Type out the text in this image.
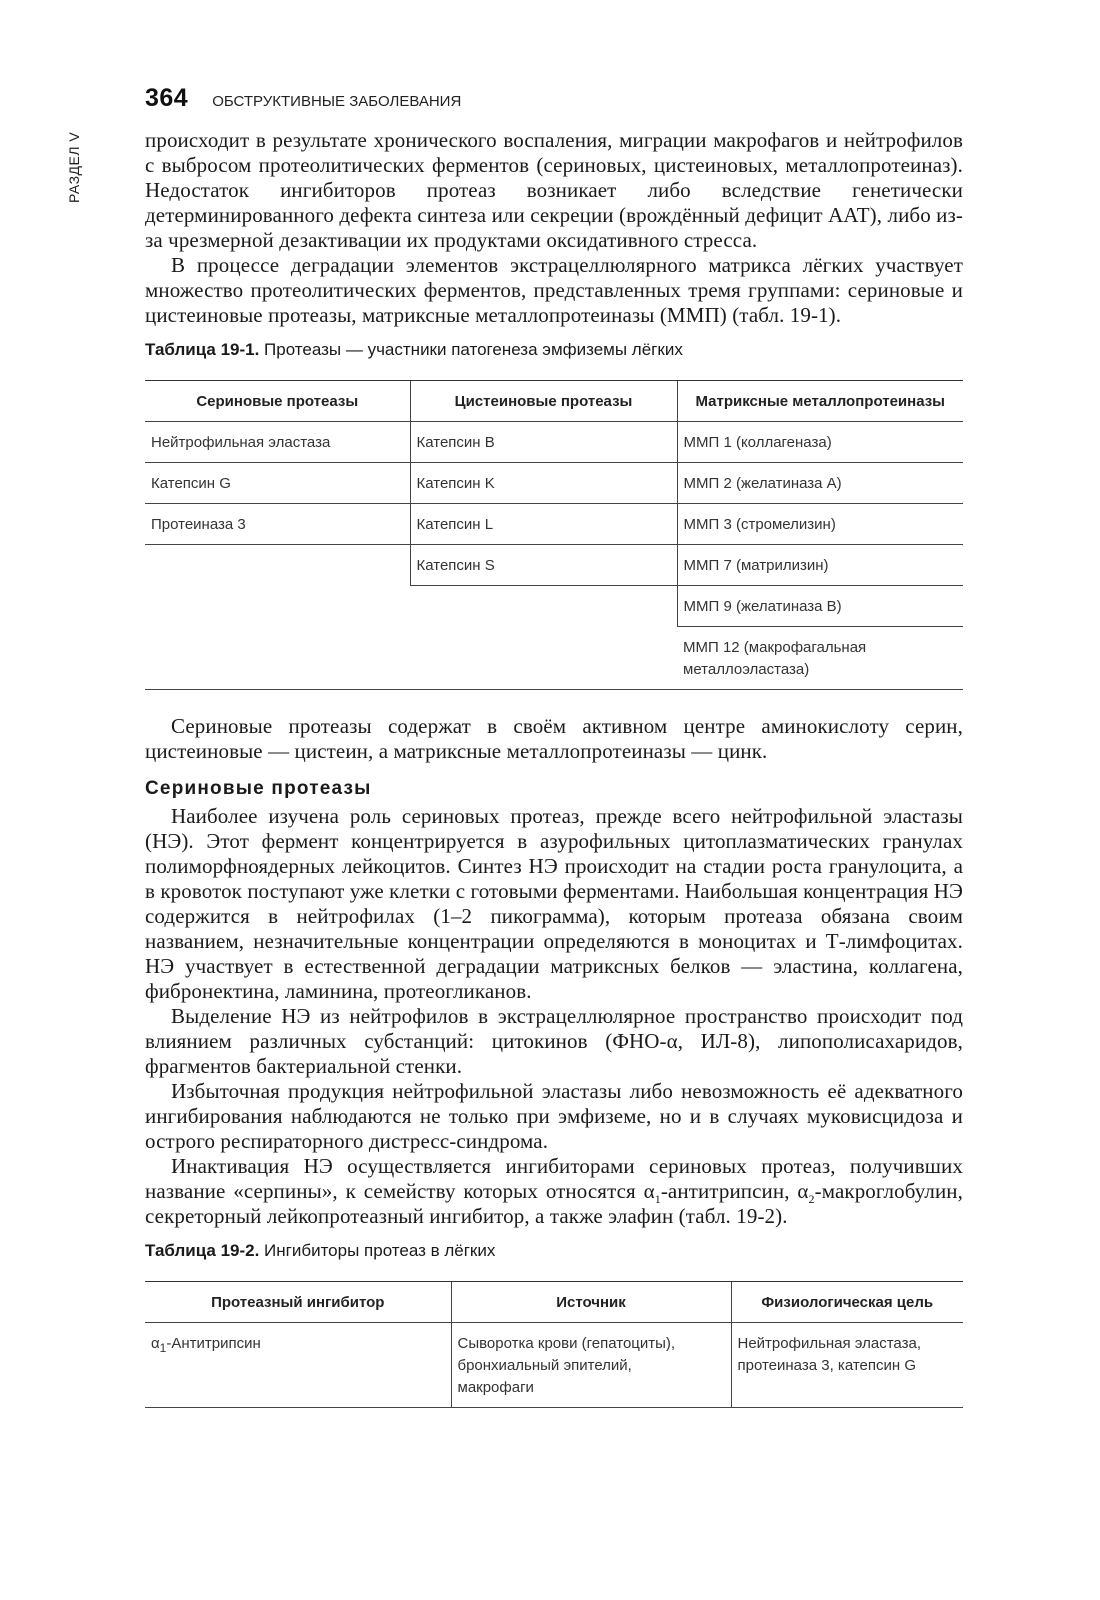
РАЗДЕЛ V
364 ОБСТРУКТИВНЫЕ ЗАБОЛЕВАНИЯ

происходит в результате хронического воспаления, миграции макрофагов и нейтрофилов с выбросом протеолитических ферментов (сериновых, цистеиновых, металлопротеиназ). Недостаток ингибиторов протеаз возникает либо вследствие генетически детерминированного дефекта синтеза или секреции (врождённый дефицит ААТ), либо из-за чрезмерной дезактивации их продуктами оксидативного стресса.

В процессе деградации элементов экстрацеллюлярного матрикса лёгких участвует множество протеолитических ферментов, представленных тремя группами: сериновые и цистеиновые протеазы, матриксные металлопротеиназы (ММП) (табл. 19-1).

Таблица 19-1. Протеазы — участники патогенеза эмфиземы лёгких
Сериновые протеазы	Цистеиновые протеазы	Матриксные металлопротеиназы
Нейтрофильная эластаза	Катепсин B	ММП 1 (коллагеназа)
Катепсин G	Катепсин K	ММП 2 (желатиназа А)
Протеиназа 3	Катепсин L	ММП 3 (стромелизин)
	Катепсин S	ММП 7 (матрилизин)
		ММП 9 (желатиназа В)
		ММП 12 (макрофагальная металлоэластаза)

Сериновые протеазы содержат в своём активном центре аминокислоту серин, цистеиновые — цистеин, а матриксные металлопротеиназы — цинк.

Сериновые протеазы

Наиболее изучена роль сериновых протеаз, прежде всего нейтрофильной эластазы (НЭ). Этот фермент концентрируется в азурофильных цитоплазматических гранулах полиморфноядерных лейкоцитов. Синтез НЭ происходит на стадии роста гранулоцита, а в кровоток поступают уже клетки с готовыми ферментами. Наибольшая концентрация НЭ содержится в нейтрофилах (1–2 пикограмма), которым протеаза обязана своим названием, незначительные концентрации определяются в моноцитах и Т-лимфоцитах. НЭ участвует в естественной деградации матриксных белков — эластина, коллагена, фибронектина, ламинина, протеогликанов.

Выделение НЭ из нейтрофилов в экстрацеллюлярное пространство происходит под влиянием различных субстанций: цитокинов (ФНО-α, ИЛ-8), липополисахаридов, фрагментов бактериальной стенки.

Избыточная продукция нейтрофильной эластазы либо невозможность её адекватного ингибирования наблюдаются не только при эмфиземе, но и в случаях муковисцидоза и острого респираторного дистресс-синдрома.

Инактивация НЭ осуществляется ингибиторами сериновых протеаз, получивших название «серпины», к семейству которых относятся $\alpha_1$-антитрипсин, $\alpha_2$-макроглобулин, секреторный лейкопротеазный ингибитор, а также элафин (табл. 19-2).

Таблица 19-2. Ингибиторы протеаз в лёгких
Протеазный ингибитор	Источник	Физиологическая цель
$\alpha_1$-Антитрипсин	Сыворотка крови (гепатоциты), бронхиальный эпителий, макрофаги	Нейтрофильная эластаза, протеиназа 3, катепсин G
